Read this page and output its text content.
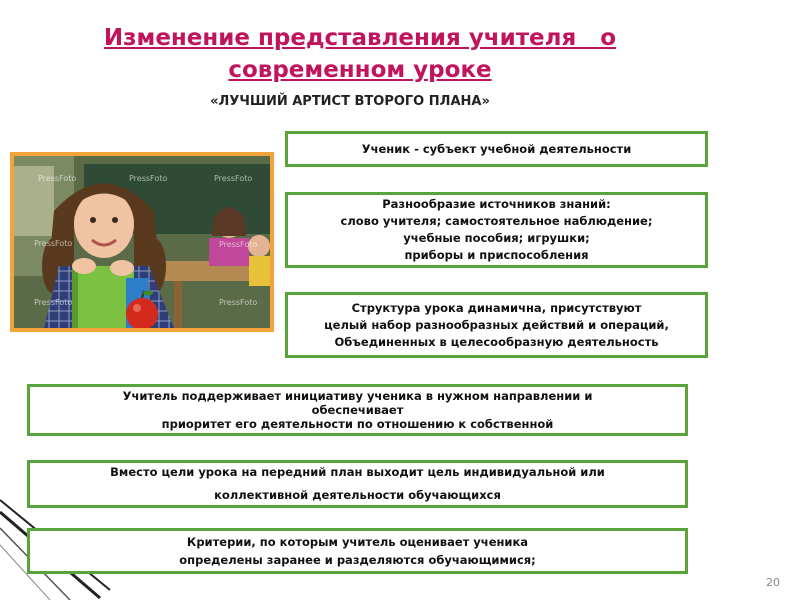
Изменение представления учителя   о
современном уроке
«ЛУЧШИЙ АРТИСТ ВТОРОГО ПЛАНА»
PressFoto	PressFoto	PressFoto
PressFoto	PressFoto
PressFoto	PressFoto
Ученик - субъект учебной деятельности
Разнообразие источников знаний:
слово учителя; самостоятельное наблюдение;
учебные пособия; игрушки;
приборы и приспособления
Структура урока динамична, присутствуют
целый набор разнообразных действий и операций,
Объединенных в целесообразную деятельность
Учитель поддерживает инициативу ученика в нужном направлении и
обеспечивает
приоритет его деятельности по отношению к собственной
Вместо цели урока на передний план выходит цель индивидуальной или
коллективной деятельности обучающихся
Критерии, по которым учитель оценивает ученика
определены заранее и разделяются обучающимися;
20
